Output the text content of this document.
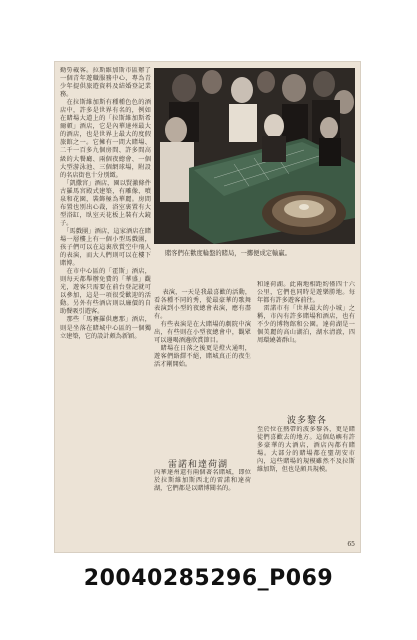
勤勞載客。拉斯維加斯市區辦了一個青年遊職服務中心，專為青少年提供旅遊資料及結婚登記業務。
　在拉斯維加斯有種種色色的酒店中，許多是世界有名的，例如在賭場大道上的「拉斯維加斯希爾頓」酒店，它是內華達州最大的酒店，也是世界上最大的度假旅館之一。它擁有一間大賭場、二千一百多九個房間、許多間高級的大餐廳、兩個夜總會、一個大型游泳池、三個網球場，附設的名店街也十分別緻。
　「凱撒宮」酒店，園以賢激條件古羅馬宮殿式建築，有雕像、噴泉和花園，裝飾極為華麗。房間布置也別出心裁，浴室裏置有大型浴缸，臥室天花板上裝有大鏡子。
　「馬戲團」酒店，這家酒店在賭場一層樓上有一個小型馬戲團，孩子們可以在這裏欣賞空中飛人的表演，而大人們則可以在樓下賭博。
　在市中心區的「霍斯」酒店，則每天都舉辦免費的「華盛」觀光，遊客只需要在前台登記就可以參加，這是一項很受歡迎的活動。另外有些酒店則以廉價的自助餐吸引遊客。
　那些「馬賽羅供應那」酒店，則是坐落在賭城中心區的一個獨立建築，它的設計頗為新穎。
賭客們在歡度輪盤的賭局，一擲便成定輸贏。

表演，一天是我最喜歡的活動，看各種不同的秀，從最豪華的歌舞表演到小型的夜總會表演，應有盡有。
　有些表演是在大賭場的劇院中演出，有些則在小型夜總會中，觀眾可以邊喝酒邊欣賞節目。
　賭場在日落之後更是燈火通明，遊客們絡繹不絕，賭城真正的夜生活才剛開始。

雷諾和達荷湖
內華達州還有兩個著名賭城，即位於拉斯維加斯西北的雷諾和達荷湖，它們都是以賭博聞名的。
和達荷湖。此兩地相距約僅四十六公里，它們也同時是遊樂勝地。每年都有許多遊客前往。
　雷諾市有「世界最大的小城」之稱，市內有許多賭場和酒店，也有不少的博物館和公園。達荷湖是一個美麗的高山湖泊，湖水清澈，四周環繞著群山。
波多黎各
至於位在熱帶的波多黎各，更是賭徒們喜歡去的地方。這個島嶼有許多豪華的大酒店，酒店內都有賭場。大部分的賭場都在聖胡安市內，這些賭場的規模雖然不及拉斯維加斯，但也是頗具規模。
65
20040285296_P069
